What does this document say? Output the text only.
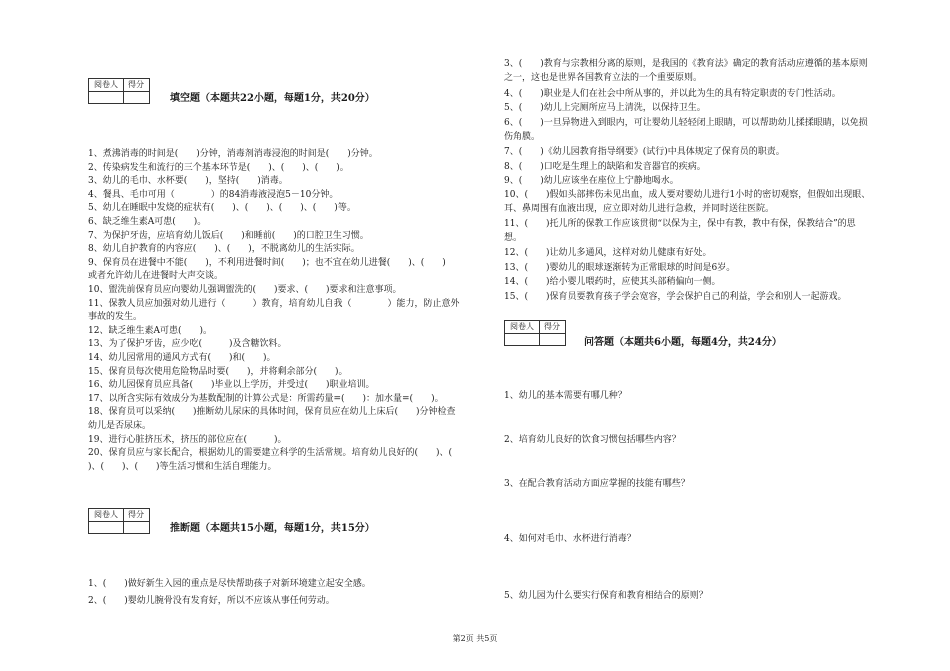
阅卷人	得分
填空题（本题共22小题，每题1分，共20分）
1、煮沸消毒的时间是(　　)分钟，消毒剂消毒浸泡的时间是(　　)分钟。
2、传染病发生和流行的三个基本环节是(　　)、(　　)、(　　)。
3、幼儿的毛巾、水杯要(　　)，坚持(　　)消毒。
4、餐具、毛巾可用（　　　　）的84消毒液浸泡5－10分钟。
5、幼儿在睡眠中发烧的症状有(　　)、(　　)、(　　)、(　　)等。
6、缺乏维生素A可患(　　)。
7、为保护牙齿，应培育幼儿饭后(　　)和睡前(　　)的口腔卫生习惯。
8、幼儿自护教育的内容应(　　)、(　　)，不脱离幼儿的生活实际。
9、保育员在进餐中不能(　　)，不利用进餐时间(　　)；也不宜在幼儿进餐(　　)、(　　)
或者允许幼儿在进餐时大声交谈。
10、盥洗前保育员应向婴幼儿强调盥洗的(　　)要求、(　　)要求和注意事项。
11、保教人员应加强对幼儿进行（　　　）教育，培育幼儿自我（　　　　）能力，防止意外
事故的发生。
12、缺乏维生素A可患(　　)。
13、为了保护牙齿，应少吃(　　　)及含糖饮料。
14、幼儿园常用的通风方式有(　　)和(　　)。
15、保育员每次使用危险物品时要(　　)，并将剩余部分(　　)。
16、幼儿园保育员应具备(　　)毕业以上学历，并受过(　　)职业培训。
17、以所含实际有效成分为基数配制的计算公式是：所需药量=(　　)：加水量=(　　)。
18、保育员可以采纳(　　)推断幼儿尿床的具体时间，保育员应在幼儿上床后(　　)分钟检查
幼儿是否尿床。
19、进行心脏挤压术，挤压的部位应在(　　　)。
20、保育员应与家长配合，根据幼儿的需要建立科学的生活常规。培育幼儿良好的(　　)、(　　
)、(　　)、(　　)等生活习惯和生活自理能力。
阅卷人	得分
推断题（本题共15小题，每题1分，共15分）
1、(　　)做好新生入园的重点是尽快帮助孩子对新环境建立起安全感。
2、(　　)婴幼儿腕骨没有发育好，所以不应该从事任何劳动。
3、(　　)教育与宗教相分离的原则，是我国的《教育法》确定的教育活动应遵循的基本原则
之一，这也是世界各国教育立法的一个重要原则。
4、(　　)职业是人们在社会中所从事的，并以此为生的具有特定职责的专门性活动。
5、(　　)幼儿上完厕所应马上清洗，以保持卫生。
6、(　　)一旦异物进入到眼内，可让婴幼儿轻轻闭上眼睛，可以帮助幼儿揉揉眼睛，以免损
伤角膜。
7、(　　)《幼儿园教育指导纲要》(试行)中具体规定了保育员的职责。
8、(　　)口吃是生理上的缺陷和发音器官的疾病。
9、(　　)幼儿应该坐在座位上宁静地喝水。
10、(　　)假如头部摔伤未见出血，成人要对婴幼儿进行1小时的密切观察，但假如出现眼、
耳、鼻周围有血液出现，应立即对幼儿进行急救，并同时送往医院。
11、(　　)托儿所的保教工作应该贯彻“以保为主，保中有教，教中有保，保教结合”的思
想。
12、(　　)让幼儿多通风，这样对幼儿健康有好处。
13、(　　)婴幼儿的眼球逐渐转为正常眼球的时间是6岁。
14、(　　)给小婴儿喂药时，应使其头部稍偏向一侧。
15、(　　)保育员要教育孩子学会宽容，学会保护自己的利益，学会和别人一起游戏。
阅卷人	得分
问答题（本题共6小题，每题4分，共24分）
1、幼儿的基本需要有哪几种？
2、培育幼儿良好的饮食习惯包括哪些内容？
3、在配合教育活动方面应掌握的技能有哪些？
4、如何对毛巾、水杯进行消毒？
5、幼儿园为什么要实行保育和教育相结合的原则？
第2页 共5页
